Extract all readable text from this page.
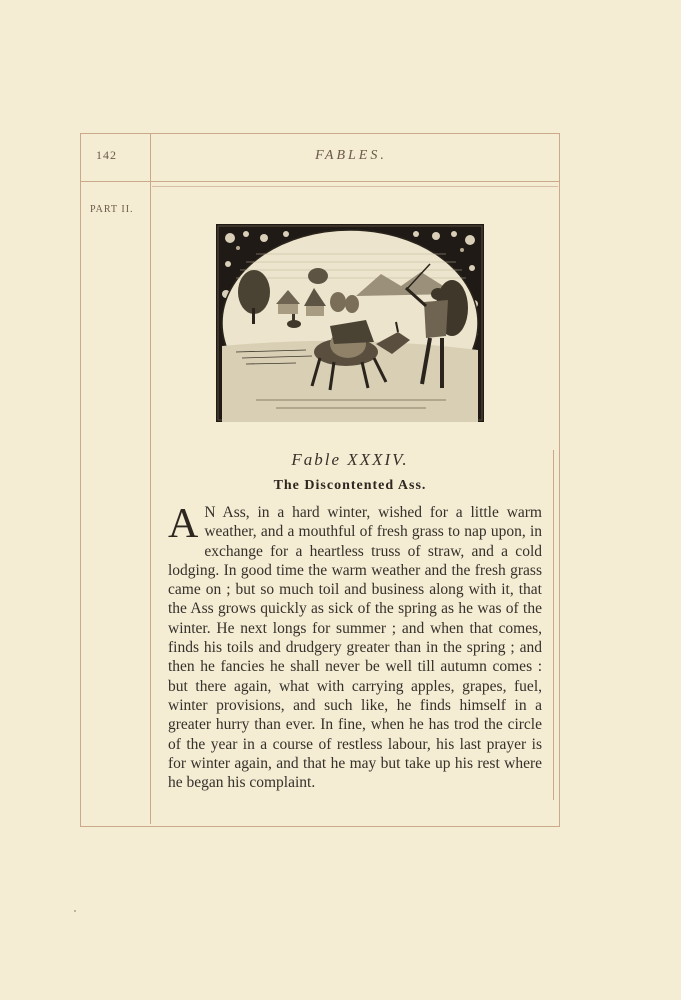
142	FABLES.
PART II.
Fable XXXIV.
The Discontented Ass.
A N Ass, in a hard winter, wished for a little warm weather, and a mouthful of fresh grass to nap upon, in exchange for a heartless truss of straw, and a cold lodging. In good time the warm weather and the fresh grass came on ; but so much toil and business along with it, that the Ass grows quickly as sick of the spring as he was of the winter. He next longs for summer ; and when that comes, finds his toils and drudgery greater than in the spring ; and then he fancies he shall never be well till autumn comes : but there again, what with carrying apples, grapes, fuel, winter provisions, and such like, he finds himself in a greater hurry than ever. In fine, when he has trod the circle of the year in a course of restless labour, his last prayer is for winter again, and that he may but take up his rest where he began his complaint.
